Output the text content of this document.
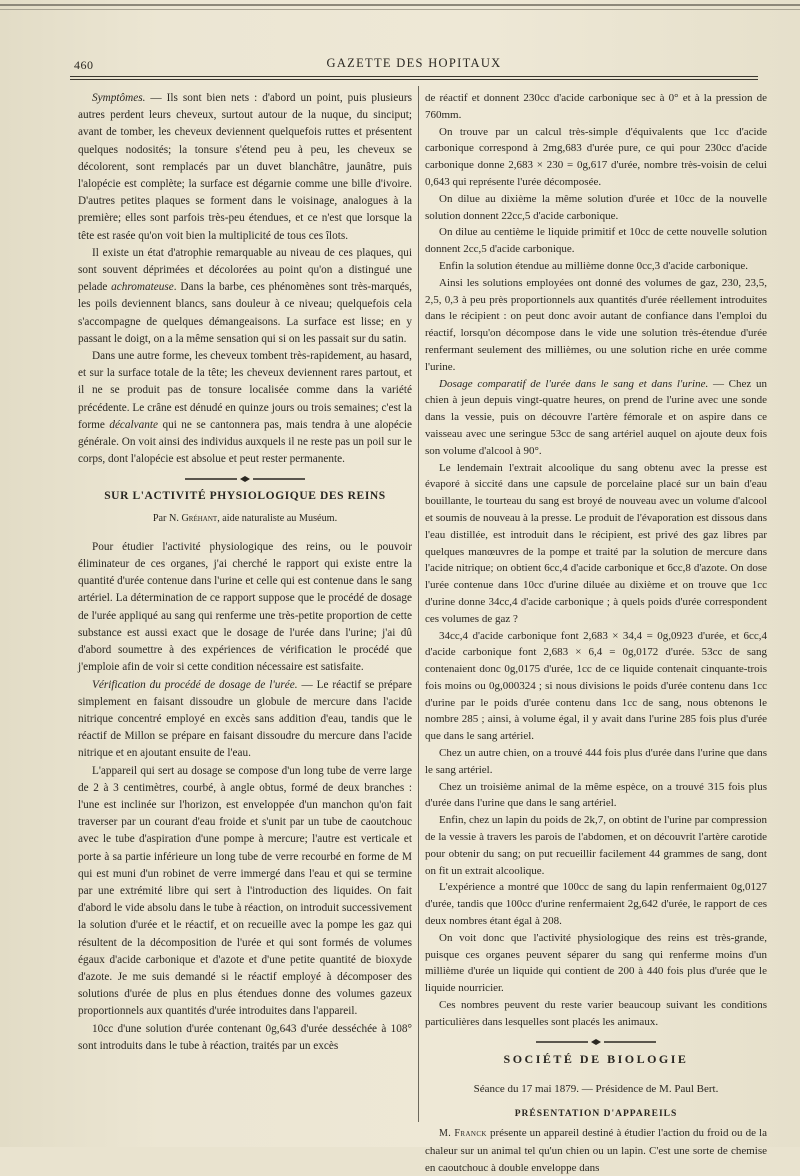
460	GAZETTE DES HOPITAUX

Symptômes. — Ils sont bien nets : d'abord un point, puis plusieurs autres perdent leurs cheveux, surtout autour de la nuque, du sinciput; avant de tomber, les cheveux deviennent quelquefois ruttes et présentent quelques nodosités; la tonsure s'étend peu à peu, les cheveux se décolorent, sont remplacés par un duvet blanchâtre, jaunâtre, puis l'alopécie est complète; la surface est dégarnie comme une bille d'ivoire. D'autres petites plaques se forment dans le voisinage, analogues à la première; elles sont parfois très-peu étendues, et ce n'est que lorsque la tête est rasée qu'on voit bien la multiplicité de tous ces îlots.

Il existe un état d'atrophie remarquable au niveau de ces plaques, qui sont souvent déprimées et décolorées au point qu'on a distingué une pelade achromateuse. Dans la barbe, ces phénomènes sont très-marqués, les poils deviennent blancs, sans douleur à ce niveau; quelquefois cela s'accompagne de quelques démangeaisons. La surface est lisse; en y passant le doigt, on a la même sensation qui si on les passait sur du satin.

Dans une autre forme, les cheveux tombent très-rapidement, au hasard, et sur la surface totale de la tête; les cheveux deviennent rares partout, et il ne se produit pas de tonsure localisée comme dans la variété précédente. Le crâne est dénudé en quinze jours ou trois semaines; c'est la forme décalvante qui ne se cantonnera pas, mais tendra à une alopécie générale. On voit ainsi des individus auxquels il ne reste pas un poil sur le corps, dont l'alopécie est absolue et peut rester permanente.

SUR L'ACTIVITÉ PHYSIOLOGIQUE DES REINS

Par N. Gréhant, aide naturaliste au Muséum.

Pour étudier l'activité physiologique des reins, ou le pouvoir éliminateur de ces organes, j'ai cherché le rapport qui existe entre la quantité d'urée contenue dans l'urine et celle qui est contenue dans le sang artériel. La détermination de ce rapport suppose que le procédé de dosage de l'urée appliqué au sang qui renferme une très-petite proportion de cette substance est aussi exact que le dosage de l'urée dans l'urine; j'ai dû d'abord soumettre à des expériences de vérification le procédé que j'emploie afin de voir si cette condition nécessaire est satisfaite.

Vérification du procédé de dosage de l'urée. — Le réactif se prépare simplement en faisant dissoudre un globule de mercure dans l'acide nitrique concentré employé en excès sans addition d'eau, tandis que le réactif de Millon se prépare en faisant dissoudre du mercure dans l'acide nitrique et en ajoutant ensuite de l'eau.

L'appareil qui sert au dosage se compose d'un long tube de verre large de 2 à 3 centimètres, courbé, à angle obtus, formé de deux branches : l'une est inclinée sur l'horizon, est enveloppée d'un manchon qu'on fait traverser par un courant d'eau froide et s'unit par un tube de caoutchouc avec le tube d'aspiration d'une pompe à mercure; l'autre est verticale et porte à sa partie inférieure un long tube de verre recourbé en forme de M qui est muni d'un robinet de verre immergé dans l'eau et qui se termine par une extrémité libre qui sert à l'introduction des liquides. On fait d'abord le vide absolu dans le tube à réaction, on introduit successivement la solution d'urée et le réactif, et on recueille avec la pompe les gaz qui résultent de la décomposition de l'urée et qui sont formés de volumes égaux d'acide carbonique et d'azote et d'une petite quantité de bioxyde d'azote. Je me suis demandé si le réactif employé à décomposer des solutions d'urée de plus en plus étendues donne des volumes gazeux proportionnels aux quantités d'urée introduites dans l'appareil.

10cc d'une solution d'urée contenant 0g,643 d'urée desséchée à 108° sont introduits dans le tube à réaction, traités par un excès

de réactif et donnent 230cc d'acide carbonique sec à 0° et à la pression de 760mm.

On trouve par un calcul très-simple d'équivalents que 1cc d'acide carbonique correspond à 2mg,683 d'urée pure, ce qui pour 230cc d'acide carbonique donne 2,683 × 230 = 0g,617 d'urée, nombre très-voisin de celui 0,643 qui représente l'urée décomposée.

On dilue au dixième la même solution d'urée et 10cc de la nouvelle solution donnent 22cc,5 d'acide carbonique.

On dilue au centième le liquide primitif et 10cc de cette nouvelle solution donnent 2cc,5 d'acide carbonique.

Enfin la solution étendue au millième donne 0cc,3 d'acide carbonique.

Ainsi les solutions employées ont donné des volumes de gaz, 230, 23,5, 2,5, 0,3 à peu près proportionnels aux quantités d'urée réellement introduites dans le récipient : on peut donc avoir autant de confiance dans l'emploi du réactif, lorsqu'on décompose dans le vide une solution très-étendue d'urée renfermant seulement des millièmes, ou une solution riche en urée comme l'urine.

Dosage comparatif de l'urée dans le sang et dans l'urine. — Chez un chien à jeun depuis vingt-quatre heures, on prend de l'urine avec une sonde dans la vessie, puis on découvre l'artère fémorale et on aspire dans ce vaisseau avec une seringue 53cc de sang artériel auquel on ajoute deux fois son volume d'alcool à 90°.

Le lendemain l'extrait alcoolique du sang obtenu avec la presse est évaporé à siccité dans une capsule de porcelaine placé sur un bain d'eau bouillante, le tourteau du sang est broyé de nouveau avec un volume d'alcool et soumis de nouveau à la presse. Le produit de l'évaporation est dissous dans l'eau distillée, est introduit dans le récipient, est privé des gaz libres par quelques manœuvres de la pompe et traité par la solution de mercure dans l'acide nitrique; on obtient 6cc,4 d'acide carbonique et 6cc,8 d'azote. On dose l'urée contenue dans 10cc d'urine diluée au dixième et on trouve que 1cc d'urine donne 34cc,4 d'acide carbonique ; à quels poids d'urée correspondent ces volumes de gaz ?

34cc,4 d'acide carbonique font 2,683 × 34,4 = 0g,0923 d'urée, et 6cc,4 d'acide carbonique font 2,683 × 6,4 = 0g,0172 d'urée. 53cc de sang contenaient donc 0g,0175 d'urée, 1cc de ce liquide contenait cinquante-trois fois moins ou 0g,000324 ; si nous divisions le poids d'urée contenu dans 1cc d'urine par le poids d'urée contenu dans 1cc de sang, nous obtenons le nombre 285 ; ainsi, à volume égal, il y avait dans l'urine 285 fois plus d'urée que dans le sang artériel.

Chez un autre chien, on a trouvé 444 fois plus d'urée dans l'urine que dans le sang artériel.

Chez un troisième animal de la même espèce, on a trouvé 315 fois plus d'urée dans l'urine que dans le sang artériel.

Enfin, chez un lapin du poids de 2k,7, on obtint de l'urine par compression de la vessie à travers les parois de l'abdomen, et on découvrit l'artère carotide pour obtenir du sang; on put recueillir facilement 44 grammes de sang, dont on fit un extrait alcoolique.

L'expérience a montré que 100cc de sang du lapin renfermaient 0g,0127 d'urée, tandis que 100cc d'urine renfermaient 2g,642 d'urée, le rapport de ces deux nombres étant égal à 208.

On voit donc que l'activité physiologique des reins est très-grande, puisque ces organes peuvent séparer du sang qui renferme moins d'un millième d'urée un liquide qui contient de 200 à 440 fois plus d'urée que le liquide nourricier.

Ces nombres peuvent du reste varier beaucoup suivant les conditions particulières dans lesquelles sont placés les animaux.

SOCIÉTÉ DE BIOLOGIE

Séance du 17 mai 1879. — Présidence de M. Paul Bert.

PRÉSENTATION D'APPAREILS

M. Franck présente un appareil destiné à étudier l'action du froid ou de la chaleur sur un animal tel qu'un chien ou un lapin. C'est une sorte de chemise en caoutchouc à double enveloppe dans
